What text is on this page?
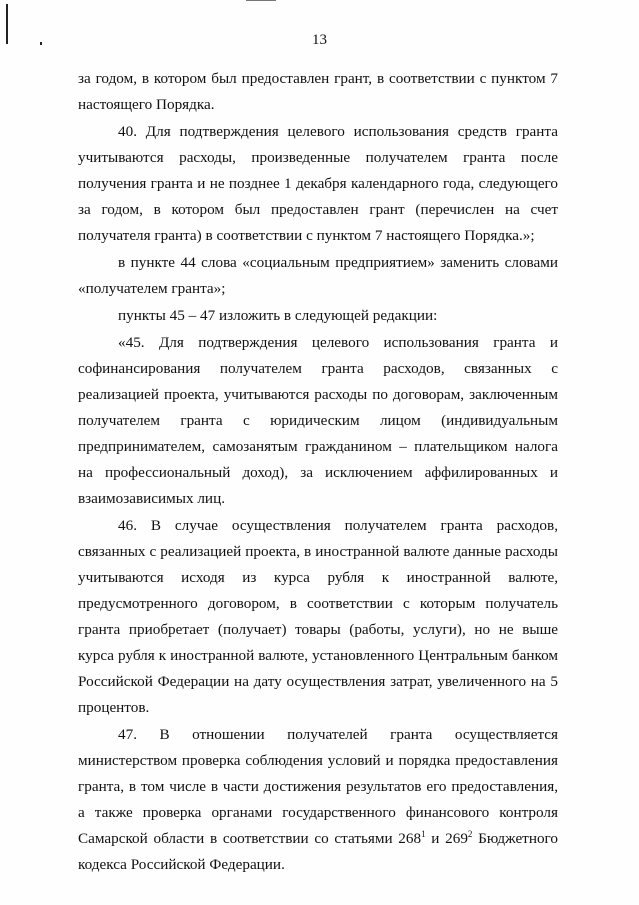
13

за годом, в котором был предоставлен грант, в соответствии с пунктом 7 настоящего Порядка.

40. Для подтверждения целевого использования средств гранта учитываются расходы, произведенные получателем гранта после получения гранта и не позднее 1 декабря календарного года, следующего за годом, в котором был предоставлен грант (перечислен на счет получателя гранта) в соответствии с пунктом 7 настоящего Порядка.»;

в пункте 44 слова «социальным предприятием» заменить словами «получателем гранта»;

пункты 45 – 47 изложить в следующей редакции:

«45. Для подтверждения целевого использования гранта и софинансирования получателем гранта расходов, связанных с реализацией проекта, учитываются расходы по договорам, заключенным получателем гранта с юридическим лицом (индивидуальным предпринимателем, самозанятым гражданином – плательщиком налога на профессиональный доход), за исключением аффилированных и взаимозависимых лиц.

46. В случае осуществления получателем гранта расходов, связанных с реализацией проекта, в иностранной валюте данные расходы учитываются исходя из курса рубля к иностранной валюте, предусмотренного договором, в соответствии с которым получатель гранта приобретает (получает) товары (работы, услуги), но не выше курса рубля к иностранной валюте, установленного Центральным банком Российской Федерации на дату осуществления затрат, увеличенного на 5 процентов.

47. В отношении получателей гранта осуществляется министерством проверка соблюдения условий и порядка предоставления гранта, в том числе в части достижения результатов его предоставления, а также проверка органами государственного финансового контроля Самарской области в соответствии со статьями $268^1$ и $269^2$ Бюджетного кодекса Российской Федерации.
